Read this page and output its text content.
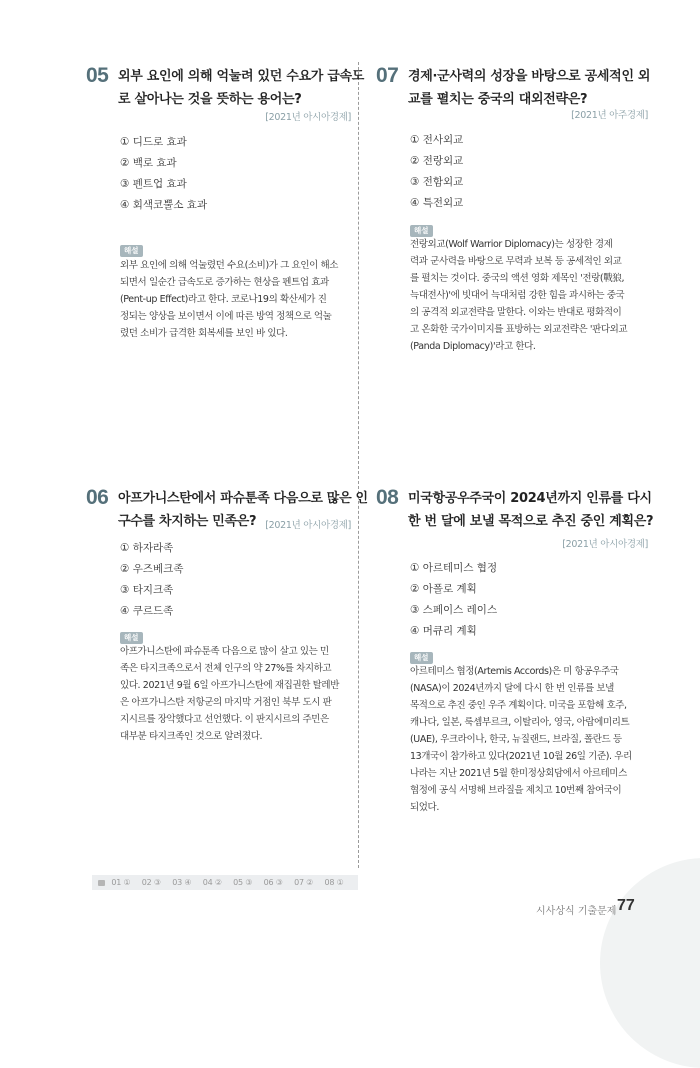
05 외부 요인에 의해 억눌려 있던 수요가 급속도
로 살아나는 것을 뜻하는 용어는?
[2021년 아시아경제]
① 디드로 효과
② 백로 효과
③ 펜트업 효과
④ 회색코뿔소 효과
해설

외부 요인에 의해 억눌렸던 수요(소비)가 그 요인이 해소
되면서 일순간 급속도로 증가하는 현상을 펜트업 효과
(Pent-up Effect)라고 한다. 코로나19의 확산세가 진
정되는 양상을 보이면서 이에 따른 방역 정책으로 억눌
렸던 소비가 급격한 회복세를 보인 바 있다.

06 아프가니스탄에서 파슈툰족 다음으로 많은 인
구수를 차지하는 민족은? [2021년 아시아경제]
① 하자라족
② 우즈베크족
③ 타지크족
④ 쿠르드족
해설

아프가니스탄에 파슈툰족 다음으로 많이 살고 있는 민
족은 타지크족으로서 전체 인구의 약 27%를 차지하고
있다. 2021년 9월 6일 아프가니스탄에 재집권한 탈레반
은 아프가니스탄 저항군의 마지막 거점인 북부 도시 판
지시르를 장악했다고 선언했다. 이 판지시르의 주민은
대부분 타지크족인 것으로 알려졌다.

07 경제·군사력의 성장을 바탕으로 공세적인 외
교를 펼치는 중국의 대외전략은?
[2021년 아주경제]
① 전사외교
② 전랑외교
③ 전함외교
④ 특전외교
해설

전랑외교(Wolf Warrior Diplomacy)는 성장한 경제
력과 군사력을 바탕으로 무력과 보복 등 공세적인 외교
를 펼치는 것이다. 중국의 액션 영화 제목인 '전랑(戰狼,
늑대전사)'에 빗대어 늑대처럼 강한 힘을 과시하는 중국
의 공격적 외교전략을 말한다. 이와는 반대로 평화적이
고 온화한 국가이미지를 표방하는 외교전략은 '판다외교
(Panda Diplomacy)'라고 한다.

08 미국항공우주국이 2024년까지 인류를 다시
한 번 달에 보낼 목적으로 추진 중인 계획은?
[2021년 아시아경제]
① 아르테미스 협정
② 아폴로 계획
③ 스페이스 레이스
④ 머큐리 계획
해설

아르테미스 협정(Artemis Accords)은 미 항공우주국
(NASA)이 2024년까지 달에 다시 한 번 인류를 보낼
목적으로 추진 중인 우주 계획이다. 미국을 포함해 호주,
캐나다, 일본, 룩셈부르크, 이탈리아, 영국, 아랍에미리트
(UAE), 우크라이나, 한국, 뉴질랜드, 브라질, 폴란드 등
13개국이 참가하고 있다(2021년 10월 26일 기준). 우리
나라는 지난 2021년 5월 한미정상회담에서 아르테미스
협정에 공식 서명해 브라질을 제치고 10번째 참여국이
되었다.

01 ① 02 ③ 03 ④ 04 ② 05 ③ 06 ③ 07 ② 08 ①
시사상식 기출문제 77
